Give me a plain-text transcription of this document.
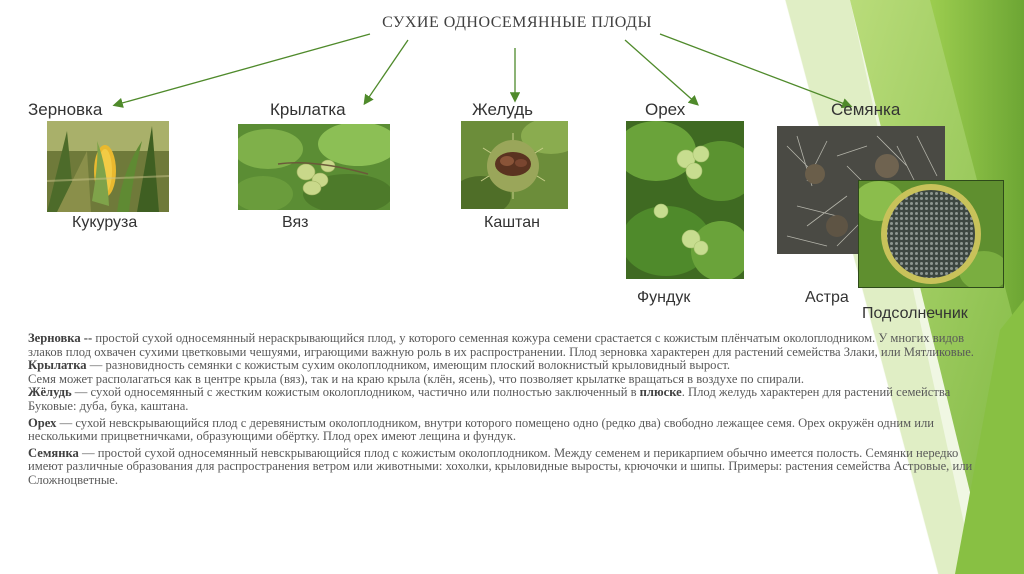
СУХИЕ ОДНОСЕМЯННЫЕ ПЛОДЫ
Зерновка	Крылатка	Желудь	Орех	Семянка
Кукуруза	Вяз	Каштан
Фундук	Астра
Подсолнечник

Зерновка -- простой сухой односемянный нераскрывающийся плод, у которого семенная кожура семени срастается с кожистым плёнчатым околоплодником. У многих видов злаков плод охвачен сухими цветковыми чешуями, играющими важную роль в их распространении. Плод зерновка характерен для растений семейства Злаки, или Мятликовые.

Крылатка — разновидность семянки с кожистым сухим околоплодником, имеющим плоский волокнистый крыловидный вырост.

Семя может располагаться как в центре крыла (вяз), так и на краю крыла (клён, ясень), что позволяет крылатке вращаться в воздухе по спирали.

Жёлудь — сухой односемянный с жестким кожистым околоплодником, частично или полностью заключенный в плюске. Плод желудь характерен для растений семейства Буковые: дуба, бука, каштана.

Орех — сухой невскрывающийся плод с деревянистым околоплодником, внутри которого помещено одно (редко два) свободно лежащее семя. Орех окружён одним или несколькими прицветничками, образующими обёртку. Плод орех имеют лещина и фундук.

Семянка — простой сухой односемянный невскрывающийся плод с кожистым околоплодником. Между семенем и перикарпием обычно имеется полость. Семянки нередко имеют различные образования для распространения ветром или животными: хохолки, крыловидные выросты, крючочки и шипы. Примеры: растения семейства Астровые, или Сложноцветные.
